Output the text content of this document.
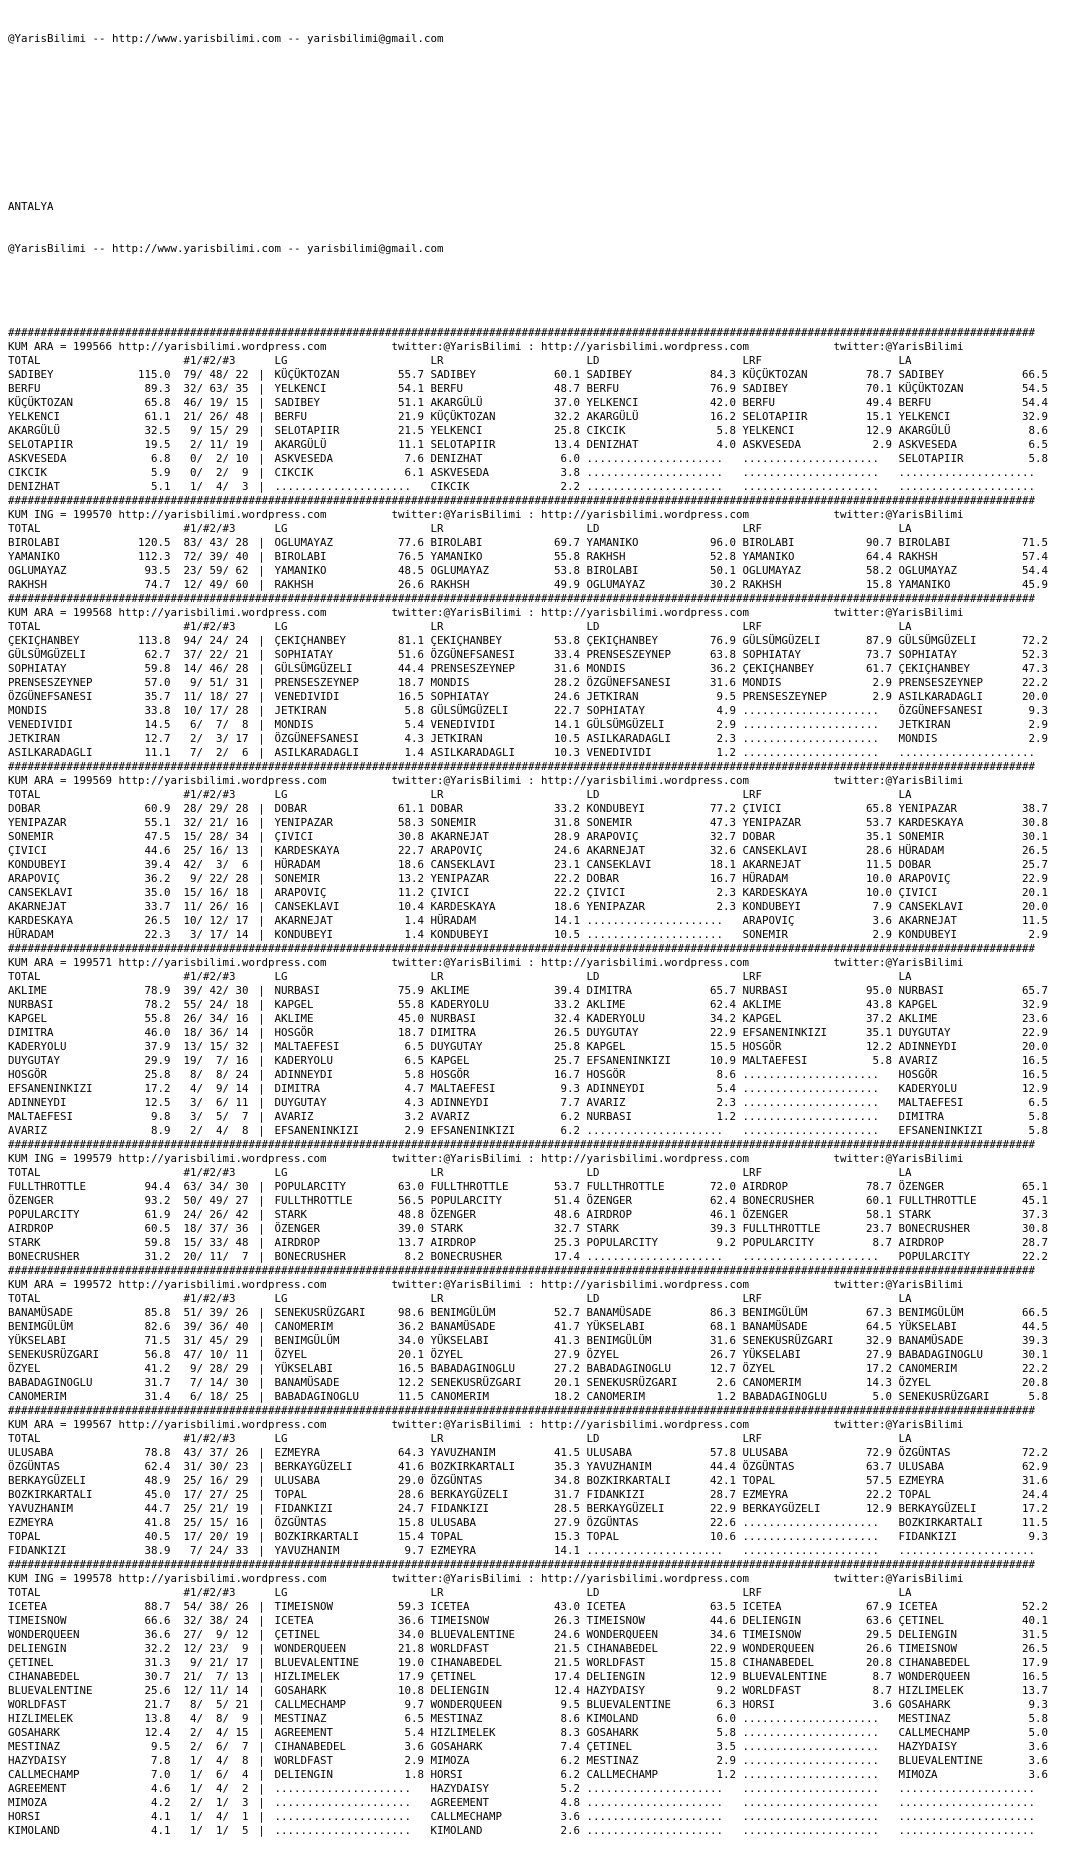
@YarisBilimi -- http://www.yarisbilimi.com -- yarisbilimi@gmail.com

ANTALYA

@YarisBilimi -- http://www.yarisbilimi.com -- yarisbilimi@gmail.com

##############################################################################################################################################################
KUM ARA = 199566 http://yarisbilimi.wordpress.com	twitter:@YarisBilimi : http://yarisbilimi.wordpress.com	twitter:@YarisBilimi
TOTAL	#1/#2/#3	LG	LR	LD	LRF	LA
SADIBEY	115.0 79/ 48/ 22 | KÜÇÜKTOZAN	55.7 SADIBEY	60.1 SADIBEY	84.3 KÜÇÜKTOZAN	78.7 SADIBEY	66.5
BERFU	89.3 32/ 63/ 35 | YELKENCI	54.1 BERFU	48.7 BERFU	76.9 SADIBEY	70.1 KÜÇÜKTOZAN	54.5
KÜÇÜKTOZAN	65.8 46/ 19/ 15 | SADIBEY	51.1 AKARGÜLÜ	37.0 YELKENCI	42.0 BERFU	49.4 BERFU	54.4
YELKENCI	61.1 21/ 26/ 48 | BERFU	21.9 KÜÇÜKTOZAN	32.2 AKARGÜLÜ	16.2 SELOTAPIIR	15.1 YELKENCI	32.9
AKARGÜLÜ	32.5 9/ 15/ 29 | SELOTAPIIR	21.5 YELKENCI	25.8 CIKCIK	5.8 YELKENCI	12.9 AKARGÜLÜ	8.6
SELOTAPIIR	19.5 2/ 11/ 19 | AKARGÜLÜ	11.1 SELOTAPIIR	13.4 DENIZHAT	4.0 ASKVESEDA	2.9 ASKVESEDA	6.5
ASKVESEDA	6.8 0/  2/ 10 | ASKVESEDA	7.6 DENIZHAT	6.0 ..................... ..................... SELOTAPIIR	5.8
CIKCIK	5.9 0/  2/  9 | CIKCIK	6.1 ASKVESEDA	3.8 ..................... ..................... .....................
DENIZHAT	5.1 1/  4/  3 | ..................... CIKCIK	2.2 ..................... ..................... .....................
##############################################################################################################################################################
KUM ING = 199570 http://yarisbilimi.wordpress.com	twitter:@YarisBilimi : http://yarisbilimi.wordpress.com	twitter:@YarisBilimi
TOTAL	#1/#2/#3	LG	LR	LD	LRF	LA
BIROLABI	120.5 83/ 43/ 28 | OGLUMAYAZ	77.6 BIROLABI	69.7 YAMANIKO	96.0 BIROLABI	90.7 BIROLABI	71.5
YAMANIKO	112.3 72/ 39/ 40 | BIROLABI	76.5 YAMANIKO	55.8 RAKHSH	52.8 YAMANIKO	64.4 RAKHSH	57.4
OGLUMAYAZ	93.5 23/ 59/ 62 | YAMANIKO	48.5 OGLUMAYAZ	53.8 BIROLABI	50.1 OGLUMAYAZ	58.2 OGLUMAYAZ	54.4
RAKHSH	74.7 12/ 49/ 60 | RAKHSH	26.6 RAKHSH	49.9 OGLUMAYAZ	30.2 RAKHSH	15.8 YAMANIKO	45.9
##############################################################################################################################################################
KUM ARA = 199568 http://yarisbilimi.wordpress.com	twitter:@YarisBilimi : http://yarisbilimi.wordpress.com	twitter:@YarisBilimi
TOTAL	#1/#2/#3	LG	LR	LD	LRF	LA
ÇEKIÇHANBEY	113.8 94/ 24/ 24 | ÇEKIÇHANBEY	81.1 ÇEKIÇHANBEY	53.8 ÇEKIÇHANBEY	76.9 GÜLSÜMGÜZELI	87.9 GÜLSÜMGÜZELI	72.2
GÜLSÜMGÜZELI	62.7 37/ 22/ 21 | SOPHIATAY	51.6 ÖZGÜNEFSANESI	33.4 PRENSESZEYNEP	63.8 SOPHIATAY	73.7 SOPHIATAY	52.3
SOPHIATAY	59.8 14/ 46/ 28 | GÜLSÜMGÜZELI	44.4 PRENSESZEYNEP	31.6 MONDIS	36.2 ÇEKIÇHANBEY	61.7 ÇEKIÇHANBEY	47.3
PRENSESZEYNEP	57.0 9/ 51/ 31 | PRENSESZEYNEP	18.7 MONDIS	28.2 ÖZGÜNEFSANESI	31.6 MONDIS	2.9 PRENSESZEYNEP	22.2
ÖZGÜNEFSANESI	35.7 11/ 18/ 27 | VENEDIVIDI	16.5 SOPHIATAY	24.6 JETKIRAN	9.5 PRENSESZEYNEP	2.9 ASILKARADAGLI	20.0
MONDIS	33.8 10/ 17/ 28 | JETKIRAN	5.8 GÜLSÜMGÜZELI	22.7 SOPHIATAY	4.9 ..................... ÖZGÜNEFSANESI	9.3
VENEDIVIDI	14.5 6/  7/  8 | MONDIS	5.4 VENEDIVIDI	14.1 GÜLSÜMGÜZELI	2.9 ..................... JETKIRAN	2.9
JETKIRAN	12.7 2/  3/ 17 | ÖZGÜNEFSANESI	4.3 JETKIRAN	10.5 ASILKARADAGLI	2.3 ..................... MONDIS	2.9
ASILKARADAGLI	11.1 7/  2/  6 | ASILKARADAGLI	1.4 ASILKARADAGLI	10.3 VENEDIVIDI	1.2 ..................... .....................
##############################################################################################################################################################
KUM ARA = 199569 http://yarisbilimi.wordpress.com	twitter:@YarisBilimi : http://yarisbilimi.wordpress.com	twitter:@YarisBilimi
TOTAL	#1/#2/#3	LG	LR	LD	LRF	LA
DOBAR	60.9 28/ 29/ 28 | DOBAR	61.1 DOBAR	33.2 KONDUBEYI	77.2 ÇIVICI	65.8 YENIPAZAR	38.7
YENIPAZAR	55.1 32/ 21/ 16 | YENIPAZAR	58.3 SONEMIR	31.8 SONEMIR	47.3 YENIPAZAR	53.7 KARDESKAYA	30.8
SONEMIR	47.5 15/ 28/ 34 | ÇIVICI	30.8 AKARNEJAT	28.9 ARAPOVIÇ	32.7 DOBAR	35.1 SONEMIR	30.1
ÇIVICI	44.6 25/ 16/ 13 | KARDESKAYA	22.7 ARAPOVIÇ	24.6 AKARNEJAT	32.6 CANSEKLAVI	28.6 HÜRADAM	26.5
KONDUBEYI	39.4 42/  3/  6 | HÜRADAM	18.6 CANSEKLAVI	23.1 CANSEKLAVI	18.1 AKARNEJAT	11.5 DOBAR	25.7
ARAPOVIÇ	36.2 9/ 22/ 28 | SONEMIR	13.2 YENIPAZAR	22.2 DOBAR	16.7 HÜRADAM	10.0 ARAPOVIÇ	22.9
CANSEKLAVI	35.0 15/ 16/ 18 | ARAPOVIÇ	11.2 ÇIVICI	22.2 ÇIVICI	2.3 KARDESKAYA	10.0 ÇIVICI	20.1
AKARNEJAT	33.7 11/ 26/ 16 | CANSEKLAVI	10.4 KARDESKAYA	18.6 YENIPAZAR	2.3 KONDUBEYI	7.9 CANSEKLAVI	20.0
KARDESKAYA	26.5 10/ 12/ 17 | AKARNEJAT	1.4 HÜRADAM	14.1 ..................... ARAPOVIÇ	3.6 AKARNEJAT	11.5
HÜRADAM	22.3 3/ 17/ 14 | KONDUBEYI	1.4 KONDUBEYI	10.5 ..................... SONEMIR	2.9 KONDUBEYI	2.9
##############################################################################################################################################################
KUM ARA = 199571 http://yarisbilimi.wordpress.com	twitter:@YarisBilimi : http://yarisbilimi.wordpress.com	twitter:@YarisBilimi
TOTAL	#1/#2/#3	LG	LR	LD	LRF	LA
AKLIME	78.9 39/ 42/ 30 | NURBASI	75.9 AKLIME	39.4 DIMITRA	65.7 NURBASI	95.0 NURBASI	65.7
NURBASI	78.2 55/ 24/ 18 | KAPGEL	55.8 KADERYOLU	33.2 AKLIME	62.4 AKLIME	43.8 KAPGEL	32.9
KAPGEL	55.8 26/ 34/ 16 | AKLIME	45.0 NURBASI	32.4 KADERYOLU	34.2 KAPGEL	37.2 AKLIME	23.6
DIMITRA	46.0 18/ 36/ 14 | HOSGÖR	18.7 DIMITRA	26.5 DUYGUTAY	22.9 EFSANENINKIZI	35.1 DUYGUTAY	22.9
KADERYOLU	37.9 13/ 15/ 32 | MALTAEFESI	6.5 DUYGUTAY	25.8 KAPGEL	15.5 HOSGÖR	12.2 ADINNEYDI	20.0
DUYGUTAY	29.9 19/  7/ 16 | KADERYOLU	6.5 KAPGEL	25.7 EFSANENINKIZI	10.9 MALTAEFESI	5.8 AVARIZ	16.5
HOSGÖR	25.8 8/  8/ 24 | ADINNEYDI	5.8 HOSGÖR	16.7 HOSGÖR	8.6 ..................... HOSGÖR	16.5
EFSANENINKIZI	17.2 4/  9/ 14 | DIMITRA	4.7 MALTAEFESI	9.3 ADINNEYDI	5.4 ..................... KADERYOLU	12.9
ADINNEYDI	12.5 3/  6/ 11 | DUYGUTAY	4.3 ADINNEYDI	7.7 AVARIZ	2.3 ..................... MALTAEFESI	6.5
MALTAEFESI	9.8 3/  5/  7 | AVARIZ	3.2 AVARIZ	6.2 NURBASI	1.2 ..................... DIMITRA	5.8
AVARIZ	8.9 2/  4/  8 | EFSANENINKIZI	2.9 EFSANENINKIZI	6.2 ..................... ..................... EFSANENINKIZI	5.8
##############################################################################################################################################################
KUM ING = 199579 http://yarisbilimi.wordpress.com	twitter:@YarisBilimi : http://yarisbilimi.wordpress.com	twitter:@YarisBilimi
TOTAL	#1/#2/#3	LG	LR	LD	LRF	LA
FULLTHROTTLE	94.4 63/ 34/ 30 | POPULARCITY	63.0 FULLTHROTTLE	53.7 FULLTHROTTLE	72.0 AIRDROP	78.7 ÖZENGER	65.1
ÖZENGER	93.2 50/ 49/ 27 | FULLTHROTTLE	56.5 POPULARCITY	51.4 ÖZENGER	62.4 BONECRUSHER	60.1 FULLTHROTTLE	45.1
POPULARCITY	61.9 24/ 26/ 42 | STARK	48.8 ÖZENGER	48.6 AIRDROP	46.1 ÖZENGER	58.1 STARK	37.3
AIRDROP	60.5 18/ 37/ 36 | ÖZENGER	39.0 STARK	32.7 STARK	39.3 FULLTHROTTLE	23.7 BONECRUSHER	30.8
STARK	59.8 15/ 33/ 48 | AIRDROP	13.7 AIRDROP	25.3 POPULARCITY	9.2 POPULARCITY	8.7 AIRDROP	28.7
BONECRUSHER	31.2 20/ 11/  7 | BONECRUSHER	8.2 BONECRUSHER	17.4 ..................... ..................... POPULARCITY	22.2
##############################################################################################################################################################
KUM ARA = 199572 http://yarisbilimi.wordpress.com	twitter:@YarisBilimi : http://yarisbilimi.wordpress.com	twitter:@YarisBilimi
TOTAL	#1/#2/#3	LG	LR	LD	LRF	LA
BANAMÜSADE	85.8 51/ 39/ 26 | SENEKUSRÜZGARI	98.6 BENIMGÜLÜM	52.7 BANAMÜSADE	86.3 BENIMGÜLÜM	67.3 BENIMGÜLÜM	66.5
BENIMGÜLÜM	82.6 39/ 36/ 40 | CANOMERIM	36.2 BANAMÜSADE	41.7 YÜKSELABI	68.1 BANAMÜSADE	64.5 YÜKSELABI	44.5
YÜKSELABI	71.5 31/ 45/ 29 | BENIMGÜLÜM	34.0 YÜKSELABI	41.3 BENIMGÜLÜM	31.6 SENEKUSRÜZGARI	32.9 BANAMÜSADE	39.3
SENEKUSRÜZGARI	56.8 47/ 10/ 11 | ÖZYEL	20.1 ÖZYEL	27.9 ÖZYEL	26.7 YÜKSELABI	27.9 BABADAGINOGLU	30.1
ÖZYEL	41.2 9/ 28/ 29 | YÜKSELABI	16.5 BABADAGINOGLU	27.2 BABADAGINOGLU	12.7 ÖZYEL	17.2 CANOMERIM	22.2
BABADAGINOGLU	31.7 7/ 14/ 30 | BANAMÜSADE	12.2 SENEKUSRÜZGARI	20.1 SENEKUSRÜZGARI	2.6 CANOMERIM	14.3 ÖZYEL	20.8
CANOMERIM	31.4 6/ 18/ 25 | BABADAGINOGLU	11.5 CANOMERIM	18.2 CANOMERIM	1.2 BABADAGINOGLU	5.0 SENEKUSRÜZGARI	5.8
##############################################################################################################################################################
KUM ARA = 199567 http://yarisbilimi.wordpress.com	twitter:@YarisBilimi : http://yarisbilimi.wordpress.com	twitter:@YarisBilimi
TOTAL	#1/#2/#3	LG	LR	LD	LRF	LA
ULUSABA	78.8 43/ 37/ 26 | EZMEYRA	64.3 YAVUZHANIM	41.5 ULUSABA	57.8 ULUSABA	72.9 ÖZGÜNTAS	72.2
ÖZGÜNTAS	62.4 31/ 30/ 23 | BERKAYGÜZELI	41.6 BOZKIRKARTALI	35.3 YAVUZHANIM	44.4 ÖZGÜNTAS	63.7 ULUSABA	62.9
BERKAYGÜZELI	48.9 25/ 16/ 29 | ULUSABA	29.0 ÖZGÜNTAS	34.8 BOZKIRKARTALI	42.1 TOPAL	57.5 EZMEYRA	31.6
BOZKIRKARTALI	45.0 17/ 27/ 25 | TOPAL	28.6 BERKAYGÜZELI	31.7 FIDANKIZI	28.7 EZMEYRA	22.2 TOPAL	24.4
YAVUZHANIM	44.7 25/ 21/ 19 | FIDANKIZI	24.7 FIDANKIZI	28.5 BERKAYGÜZELI	22.9 BERKAYGÜZELI	12.9 BERKAYGÜZELI	17.2
EZMEYRA	41.8 25/ 15/ 16 | ÖZGÜNTAS	15.8 ULUSABA	27.9 ÖZGÜNTAS	22.6 ..................... BOZKIRKARTALI	11.5
TOPAL	40.5 17/ 20/ 19 | BOZKIRKARTALI	15.4 TOPAL	15.3 TOPAL	10.6 ..................... FIDANKIZI	9.3
FIDANKIZI	38.9 7/ 24/ 33 | YAVUZHANIM	9.7 EZMEYRA	14.1 ..................... ..................... .....................
##############################################################################################################################################################
KUM ING = 199578 http://yarisbilimi.wordpress.com	twitter:@YarisBilimi : http://yarisbilimi.wordpress.com	twitter:@YarisBilimi
TOTAL	#1/#2/#3	LG	LR	LD	LRF	LA
ICETEA	88.7 54/ 38/ 26 | TIMEISNOW	59.3 ICETEA	43.0 ICETEA	63.5 ICETEA	67.9 ICETEA	52.2
TIMEISNOW	66.6 32/ 38/ 24 | ICETEA	36.6 TIMEISNOW	26.3 TIMEISNOW	44.6 DELIENGIN	63.6 ÇETINEL	40.1
WONDERQUEEN	36.6 27/  9/ 12 | ÇETINEL	34.0 BLUEVALENTINE	24.6 WONDERQUEEN	34.6 TIMEISNOW	29.5 DELIENGIN	31.5
DELIENGIN	32.2 12/ 23/  9 | WONDERQUEEN	21.8 WORLDFAST	21.5 CIHANABEDEL	22.9 WONDERQUEEN	26.6 TIMEISNOW	26.5
ÇETINEL	31.3 9/ 21/ 17 | BLUEVALENTINE	19.0 CIHANABEDEL	21.5 WORLDFAST	15.8 CIHANABEDEL	20.8 CIHANABEDEL	17.9
CIHANABEDEL	30.7 21/  7/ 13 | HIZLIMELEK	17.9 ÇETINEL	17.4 DELIENGIN	12.9 BLUEVALENTINE	8.7 WONDERQUEEN	16.5
BLUEVALENTINE	25.6 12/ 11/ 14 | GOSAHARK	10.8 DELIENGIN	12.4 HAZYDAISY	9.2 WORLDFAST	8.7 HIZLIMELEK	13.7
WORLDFAST	21.7 8/  5/ 21 | CALLMECHAMP	9.7 WONDERQUEEN	9.5 BLUEVALENTINE	6.3 HORSI	3.6 GOSAHARK	9.3
HIZLIMELEK	13.8 4/  8/  9 | MESTINAZ	6.5 MESTINAZ	8.6 KIMOLAND	6.0 ..................... MESTINAZ	5.8
GOSAHARK	12.4 2/  4/ 15 | AGREEMENT	5.4 HIZLIMELEK	8.3 GOSAHARK	5.8 ..................... CALLMECHAMP	5.0
MESTINAZ	9.5 2/  6/  7 | CIHANABEDEL	3.6 GOSAHARK	7.4 ÇETINEL	3.5 ..................... HAZYDAISY	3.6
HAZYDAISY	7.8 1/  4/  8 | WORLDFAST	2.9 MIMOZA	6.2 MESTINAZ	2.9 ..................... BLUEVALENTINE	3.6
CALLMECHAMP	7.0 1/  6/  4 | DELIENGIN	1.8 HORSI	6.2 CALLMECHAMP	1.2 ..................... MIMOZA	3.6
AGREEMENT	4.6 1/  4/  2 | ..................... HAZYDAISY	5.2 ..................... ..................... .....................
MIMOZA	4.2 2/  1/  3 | ..................... AGREEMENT	4.8 ..................... ..................... .....................
HORSI	4.1 1/  4/  1 | ..................... CALLMECHAMP	3.6 ..................... ..................... .....................
KIMOLAND	4.1 1/  1/  5 | ..................... KIMOLAND	2.6 ..................... ..................... .....................
